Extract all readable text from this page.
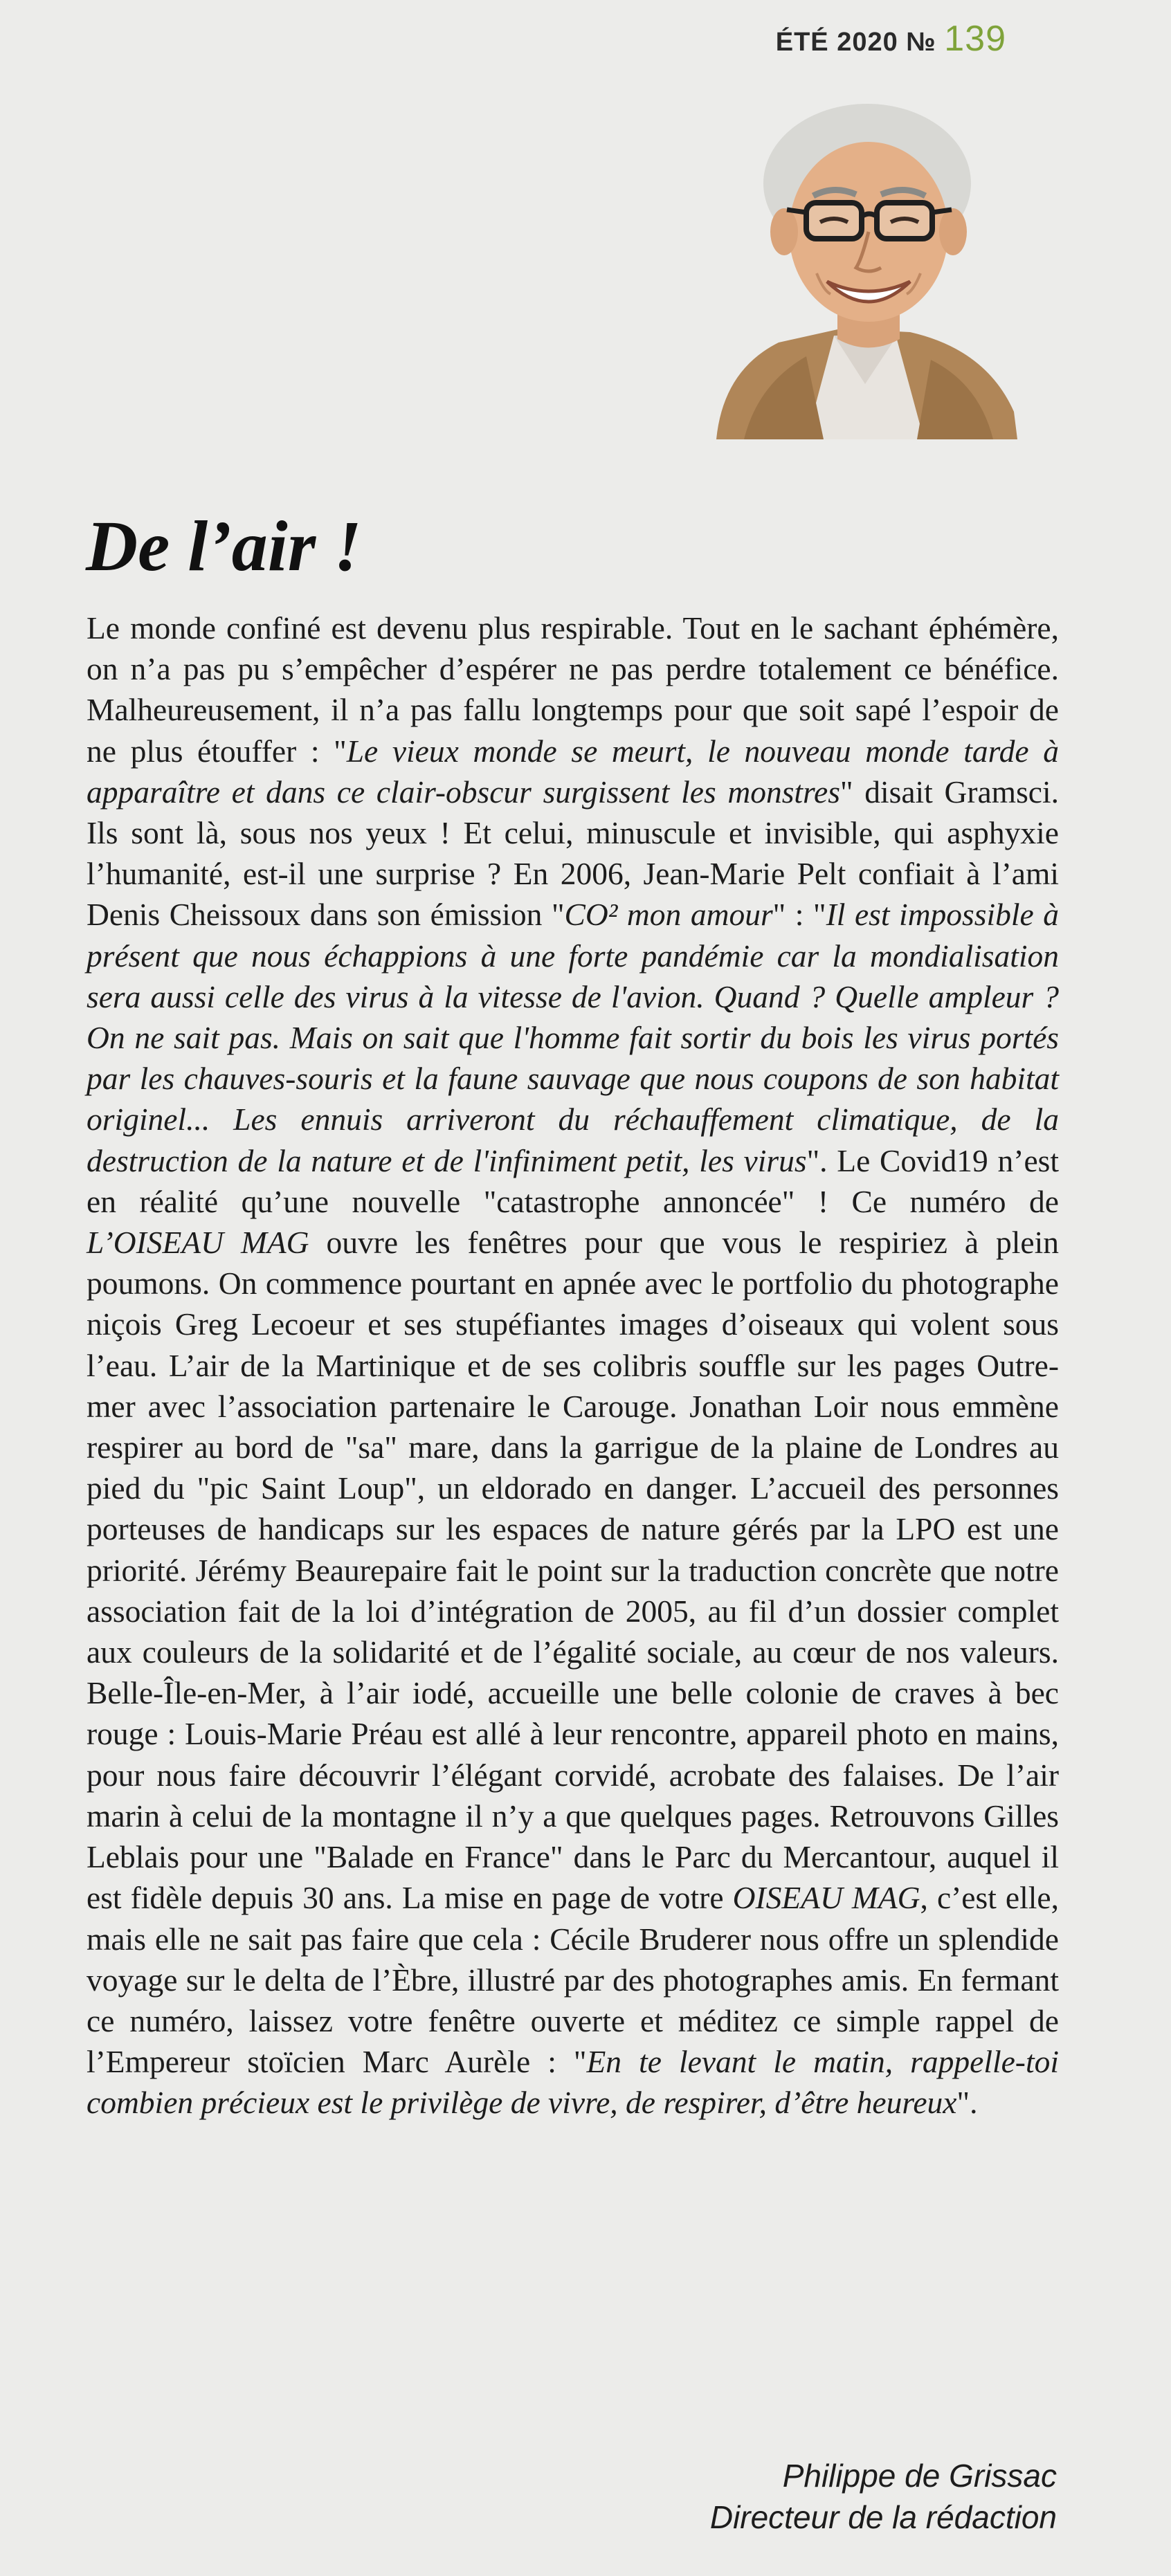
ÉTÉ 2020 № 139
De l’air !

Le monde confiné est devenu plus respirable. Tout en le sachant éphémère, on n’a pas pu s’empêcher d’espérer ne pas perdre totalement ce bénéfice. Malheureusement, il n’a pas fallu longtemps pour que soit sapé l’espoir de ne plus étouffer : "Le vieux monde se meurt, le nouveau monde tarde à apparaître et dans ce clair-obscur surgissent les monstres" disait Gramsci. Ils sont là, sous nos yeux ! Et celui, minuscule et invisible, qui asphyxie l’humanité, est-il une surprise ? En 2006, Jean-Marie Pelt confiait à l’ami Denis Cheissoux dans son émission "CO² mon amour" : "Il est impossible à présent que nous échappions à une forte pandémie car la mondialisation sera aussi celle des virus à la vitesse de l'avion. Quand ? Quelle ampleur ? On ne sait pas. Mais on sait que l'homme fait sortir du bois les virus portés par les chauves-souris et la faune sauvage que nous coupons de son habitat originel... Les ennuis arriveront du réchauffement climatique, de la destruction de la nature et de l'infiniment petit, les virus". Le Covid19 n’est en réalité qu’une nouvelle "catastrophe annoncée" ! Ce numéro de L’OISEAU MAG ouvre les fenêtres pour que vous le respiriez à plein poumons. On commence pourtant en apnée avec le portfolio du photographe niçois Greg Lecoeur et ses stupéfiantes images d’oiseaux qui volent sous l’eau. L’air de la Martinique et de ses colibris souffle sur les pages Outre-mer avec l’association partenaire le Carouge. Jonathan Loir nous emmène respirer au bord de "sa" mare, dans la garrigue de la plaine de Londres au pied du "pic Saint Loup", un eldorado en danger. L’accueil des personnes porteuses de handicaps sur les espaces de nature gérés par la LPO est une priorité. Jérémy Beaurepaire fait le point sur la traduction concrète que notre association fait de la loi d’intégration de 2005, au fil d’un dossier complet aux couleurs de la solidarité et de l’égalité sociale, au cœur de nos valeurs. Belle-Île-en-Mer, à l’air iodé, accueille une belle colonie de craves à bec rouge : Louis-Marie Préau est allé à leur rencontre, appareil photo en mains, pour nous faire découvrir l’élégant corvidé, acrobate des falaises. De l’air marin à celui de la montagne il n’y a que quelques pages. Retrouvons Gilles Leblais pour une "Balade en France" dans le Parc du Mercantour, auquel il est fidèle depuis 30 ans. La mise en page de votre OISEAU MAG, c’est elle, mais elle ne sait pas faire que cela : Cécile Bruderer nous offre un splendide voyage sur le delta de l’Èbre, illustré par des photographes amis. En fermant ce numéro, laissez votre fenêtre ouverte et méditez ce simple rappel de l’Empereur stoïcien Marc Aurèle : "En te levant le matin, rappelle-toi combien précieux est le privilège de vivre, de respirer, d’être heureux".

Philippe de Grissac
Directeur de la rédaction
